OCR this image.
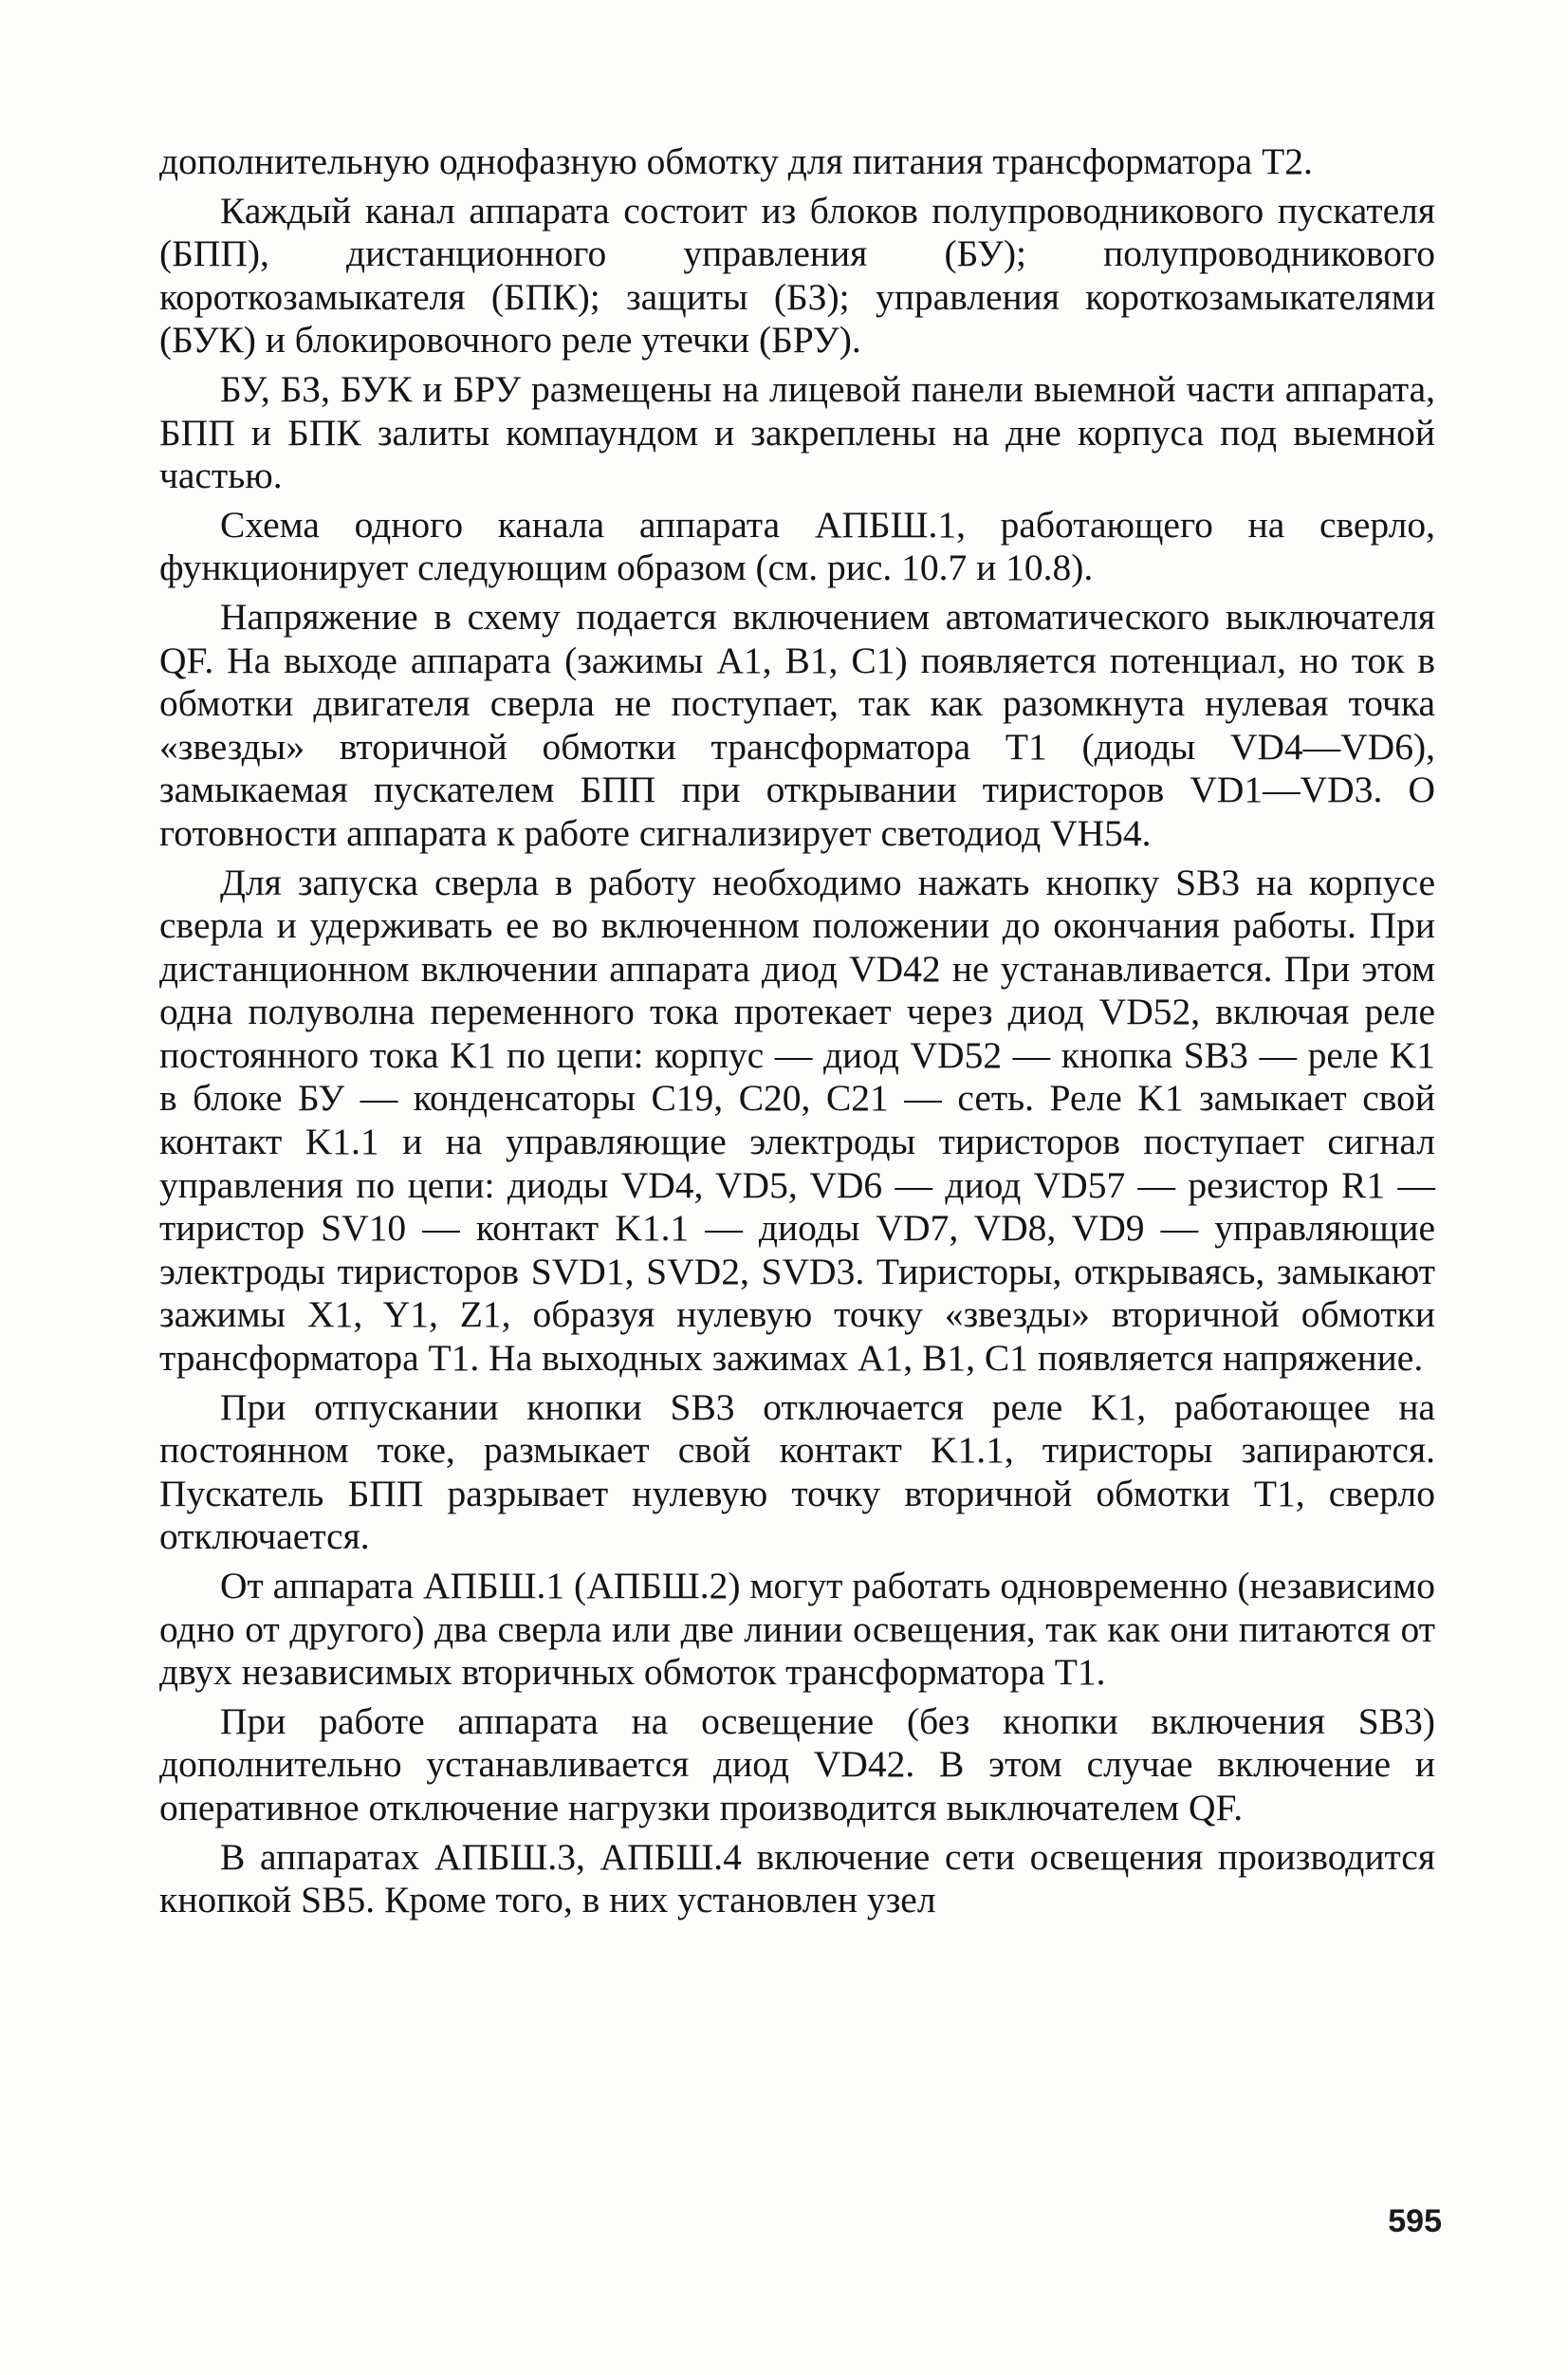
дополнительную однофазную обмотку для питания трансформатора T2.

Каждый канал аппарата состоит из блоков полупроводникового пускателя (БПП), дистанционного управления (БУ); полупроводникового короткозамыкателя (БПК); защиты (БЗ); управления короткозамыкателями (БУК) и блокировочного реле утечки (БРУ).

БУ, БЗ, БУК и БРУ размещены на лицевой панели выемной части аппарата, БПП и БПК залиты компаундом и закреплены на дне корпуса под выемной частью.

Схема одного канала аппарата АПБШ.1, работающего на сверло, функционирует следующим образом (см. рис. 10.7 и 10.8).

Напряжение в схему подается включением автоматического выключателя QF. На выходе аппарата (зажимы A1, B1, C1) появляется потенциал, но ток в обмотки двигателя сверла не поступает, так как разомкнута нулевая точка «звезды» вторичной обмотки трансформатора T1 (диоды VD4—VD6), замыкаемая пускателем БПП при открывании тиристоров VD1—VD3. О готовности аппарата к работе сигнализирует светодиод VH54.

Для запуска сверла в работу необходимо нажать кнопку SB3 на корпусе сверла и удерживать ее во включенном положении до окончания работы. При дистанционном включении аппарата диод VD42 не устанавливается. При этом одна полуволна переменного тока протекает через диод VD52, включая реле постоянного тока K1 по цепи: корпус — диод VD52 — кнопка SB3 — реле K1 в блоке БУ — конденсаторы C19, C20, C21 — сеть. Реле K1 замыкает свой контакт K1.1 и на управляющие электроды тиристоров поступает сигнал управления по цепи: диоды VD4, VD5, VD6 — диод VD57 — резистор R1 — тиристор SV10 — контакт K1.1 — диоды VD7, VD8, VD9 — управляющие электроды тиристоров SVD1, SVD2, SVD3. Тиристоры, открываясь, замыкают зажимы X1, Y1, Z1, образуя нулевую точку «звезды» вторичной обмотки трансформатора T1. На выходных зажимах A1, B1, C1 появляется напряжение.

При отпускании кнопки SB3 отключается реле K1, работающее на постоянном токе, размыкает свой контакт K1.1, тиристоры запираются. Пускатель БПП разрывает нулевую точку вторичной обмотки T1, сверло отключается.

От аппарата АПБШ.1 (АПБШ.2) могут работать одновременно (независимо одно от другого) два сверла или две линии освещения, так как они питаются от двух независимых вторичных обмоток трансформатора T1.

При работе аппарата на освещение (без кнопки включения SB3) дополнительно устанавливается диод VD42. В этом случае включение и оперативное отключение нагрузки производится выключателем QF.

В аппаратах АПБШ.3, АПБШ.4 включение сети освещения производится кнопкой SB5. Кроме того, в них установлен узел

595
